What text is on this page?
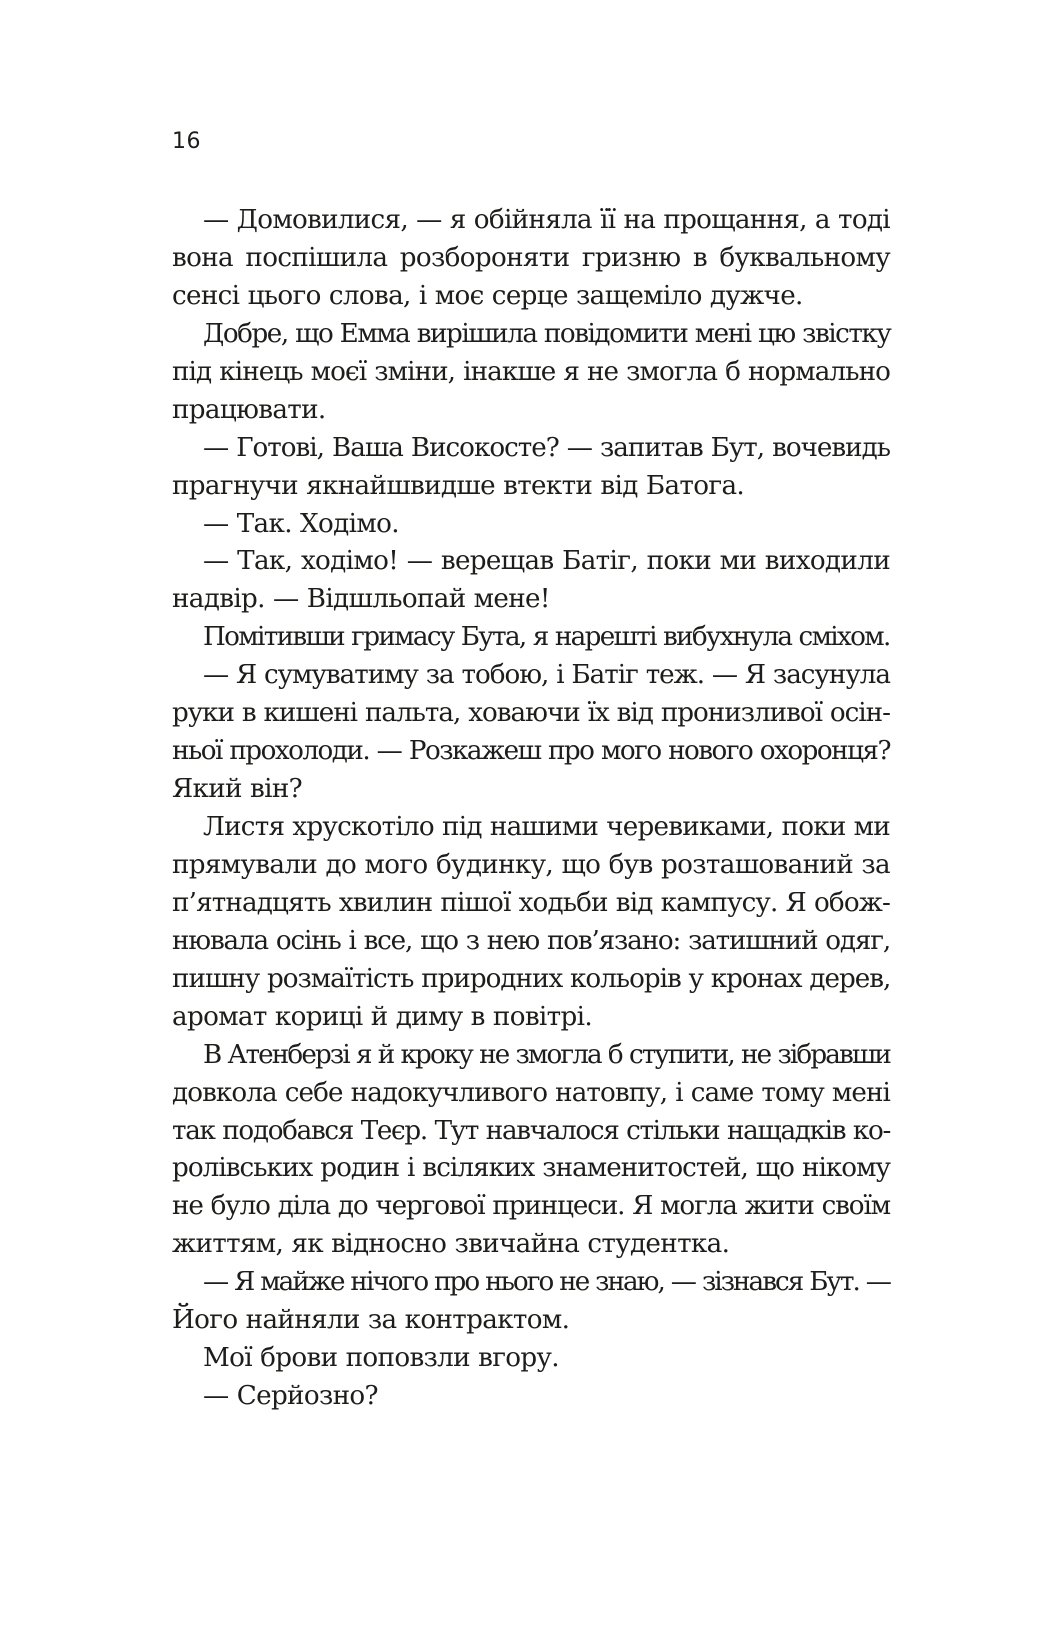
16
— Домовилися, — я обійняла її на прощання, а тоді
вона поспішила розбороняти гризню в буквальному
сенсі цього слова, і моє серце защеміло дужче.
Добре, що Емма вирішила повідомити мені цю звістку
під кінець моєї зміни, інакше я не змогла б нормально
працювати.
— Готові, Ваша Високосте? — запитав Бут, вочевидь
прагнучи якнайшвидше втекти від Батога.
— Так. Ходімо.
— Так, ходімо! — верещав Батіг, поки ми виходили
надвір. — Відшльопай мене!
Помітивши гримасу Бута, я нарешті вибухнула сміхом.
— Я сумуватиму за тобою, і Батіг теж. — Я засунула
руки в кишені пальта, ховаючи їх від пронизливої осін-
ньої прохолоди. — Розкажеш про мого нового охоронця?
Який він?
Листя хрускотіло під нашими черевиками, поки ми
прямували до мого будинку, що був розташований за
п’ятнадцять хвилин пішої ходьби від кампусу. Я обож-
нювала осінь і все, що з нею пов’язано: затишний одяг,
пишну розмаїтість природних кольорів у кронах дерев,
аромат кориці й диму в повітрі.
В Атенберзі я й кроку не змогла б ступити, не зібравши
довкола себе надокучливого натовпу, і саме тому мені
так подобався Теєр. Тут навчалося стільки нащадків ко-
ролівських родин і всіляких знаменитостей, що нікому
не було діла до чергової принцеси. Я могла жити своїм
життям, як відносно звичайна студентка.
— Я майже нічого про нього не знаю, — зізнався Бут. —
Його найняли за контрактом.
Мої брови поповзли вгору.
— Серйозно?
